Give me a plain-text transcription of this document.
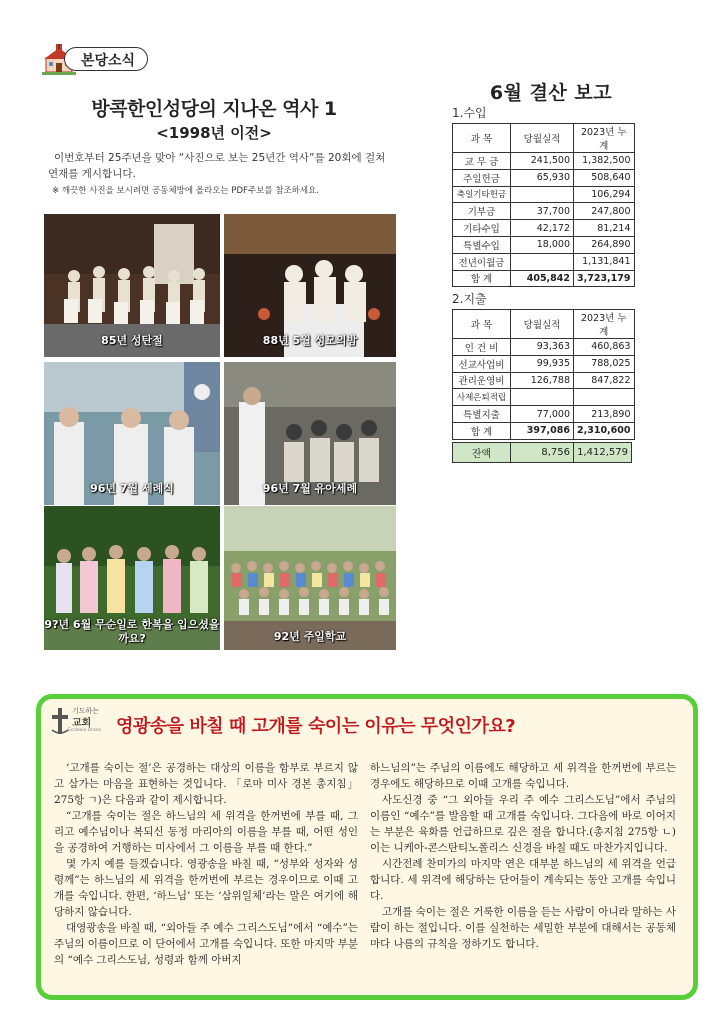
본당소식
방콕한인성당의 지나온 역사 1
<1998년 이전>
이번호부터 25주년을 맞아 “사진으로 보는 25년간 역사”를 20회에 걸쳐 연재를 게시합니다.
※ 깨끗한 사진을 보시려면 공동체방에 올라오는 PDF주보를 참조하세요.
85년 성탄절	88년 5월 성모의밤
96년 7월 세례식	96년 7월 유아세례
9?년 6월 무순일로 한복을 입으셨을까요?	92년 주일학교
6월 결산 보고
1.수입
과 목	당월실적	2023년 누계
교 무 금	241,500	1,382,500
주일헌금	65,930	508,640
축일기타헌금		106,294
기부금	37,700	247,800
기타수입	42,172	81,214
특별수입	18,000	264,890
전년이월금		1,131,841
합 계	405,842	3,723,179
2.지출
과 목	당월실적	2023년 누계
인 건 비	93,363	460,863
선교사업비	99,935	788,025
관리운영비	126,788	847,822
사제은퇴적립		
특별지출	77,000	213,890
합 계	397,086	2,310,600
잔액	8,756	1,412,579
기도하는
교회
Ecclesia Orans 영광송을 바칠 때 고개를 숙이는 이유는 무엇인가요?

‘고개를 숙이는 절’은 공경하는 대상의 이름을 함부로 부르지 않고 삼가는 마음을 표현하는 것입니다. 「로마 미사 경본 총지침」 275항 ㄱ)은 다음과 같이 제시합니다.

“고개를 숙이는 절은 하느님의 세 위격을 한꺼번에 부를 때, 그리고 예수님이나 복되신 동정 마리아의 이름을 부를 때, 어떤 성인을 공경하여 거행하는 미사에서 그 이름을 부를 때 한다.”

몇 가지 예를 들겠습니다. 영광송을 바칠 때, “성부와 성자와 성령께”는 하느님의 세 위격을 한꺼번에 부르는 경우이므로 이때 고개를 숙입니다. 한편, ‘하느님’ 또는 ‘삼위일체’라는 말은 여기에 해당하지 않습니다.

대영광송을 바칠 때, “외아들 주 예수 그리스도님”에서 “예수”는 주님의 이름이므로 이 단어에서 고개를 숙입니다. 또한 마지막 부분의 “예수 그리스도님, 성령과 함께 아버지

하느님의”는 주님의 이름에도 해당하고 세 위격을 한꺼번에 부르는 경우에도 해당하므로 이때 고개를 숙입니다.

사도신경 중 “그 외아들 우리 주 예수 그리스도님”에서 주님의 이름인 “예수”를 발음할 때 고개를 숙입니다. 그다음에 바로 이어지는 부분은 육화를 언급하므로 깊은 절을 합니다.(총지침 275항 ㄴ) 이는 니케아-콘스탄티노폴리스 신경을 바칠 때도 마찬가지입니다.

시간전례 찬미가의 마지막 연은 대부분 하느님의 세 위격을 언급합니다. 세 위격에 해당하는 단어들이 계속되는 동안 고개를 숙입니다.

고개를 숙이는 절은 거룩한 이름을 듣는 사람이 아니라 말하는 사람이 하는 절입니다. 이를 실천하는 세밀한 부분에 대해서는 공동체마다 나름의 규칙을 정하기도 합니다.
